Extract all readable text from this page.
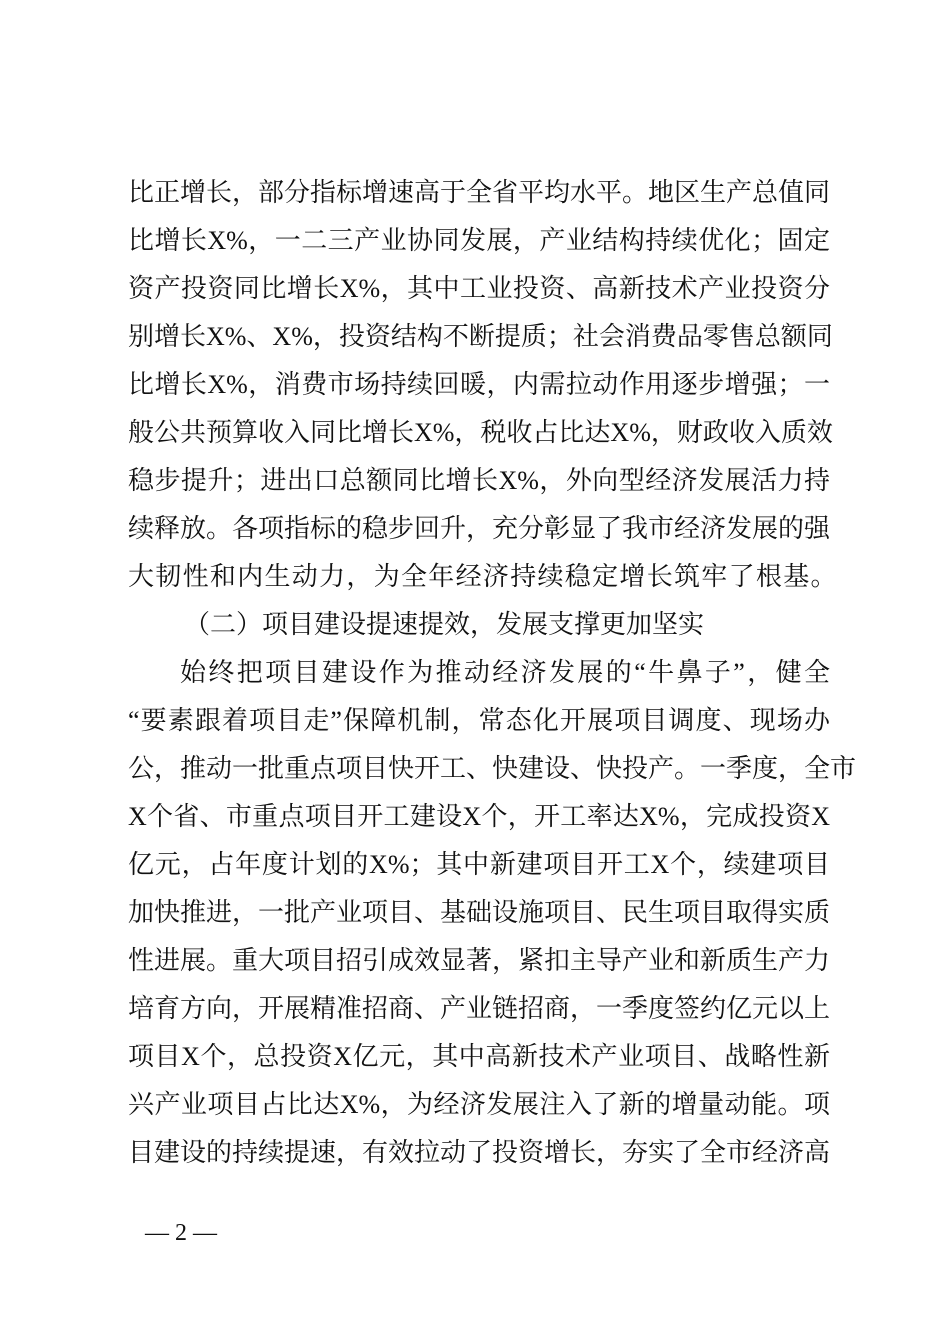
比正增长，部分指标增速高于全省平均水平。地区生产总值同
比增长X%，一二三产业协同发展，产业结构持续优化；固定
资产投资同比增长X%，其中工业投资、高新技术产业投资分
别增长X%、X%，投资结构不断提质；社会消费品零售总额同
比增长X%，消费市场持续回暖，内需拉动作用逐步增强；一
般公共预算收入同比增长X%，税收占比达X%，财政收入质效
稳步提升；进出口总额同比增长X%，外向型经济发展活力持
续释放。各项指标的稳步回升，充分彰显了我市经济发展的强
大韧性和内生动力，为全年经济持续稳定增长筑牢了根基。
（二）项目建设提速提效，发展支撑更加坚实
始终把项目建设作为推动经济发展的“牛鼻子”，健全
“要素跟着项目走”保障机制，常态化开展项目调度、现场办
公，推动一批重点项目快开工、快建设、快投产。一季度，全市
X个省、市重点项目开工建设X个，开工率达X%，完成投资X
亿元，占年度计划的X%；其中新建项目开工X个，续建项目
加快推进，一批产业项目、基础设施项目、民生项目取得实质
性进展。重大项目招引成效显著，紧扣主导产业和新质生产力
培育方向，开展精准招商、产业链招商，一季度签约亿元以上
项目X个，总投资X亿元，其中高新技术产业项目、战略性新
兴产业项目占比达X%，为经济发展注入了新的增量动能。项
目建设的持续提速，有效拉动了投资增长，夯实了全市经济高
— 2 —
